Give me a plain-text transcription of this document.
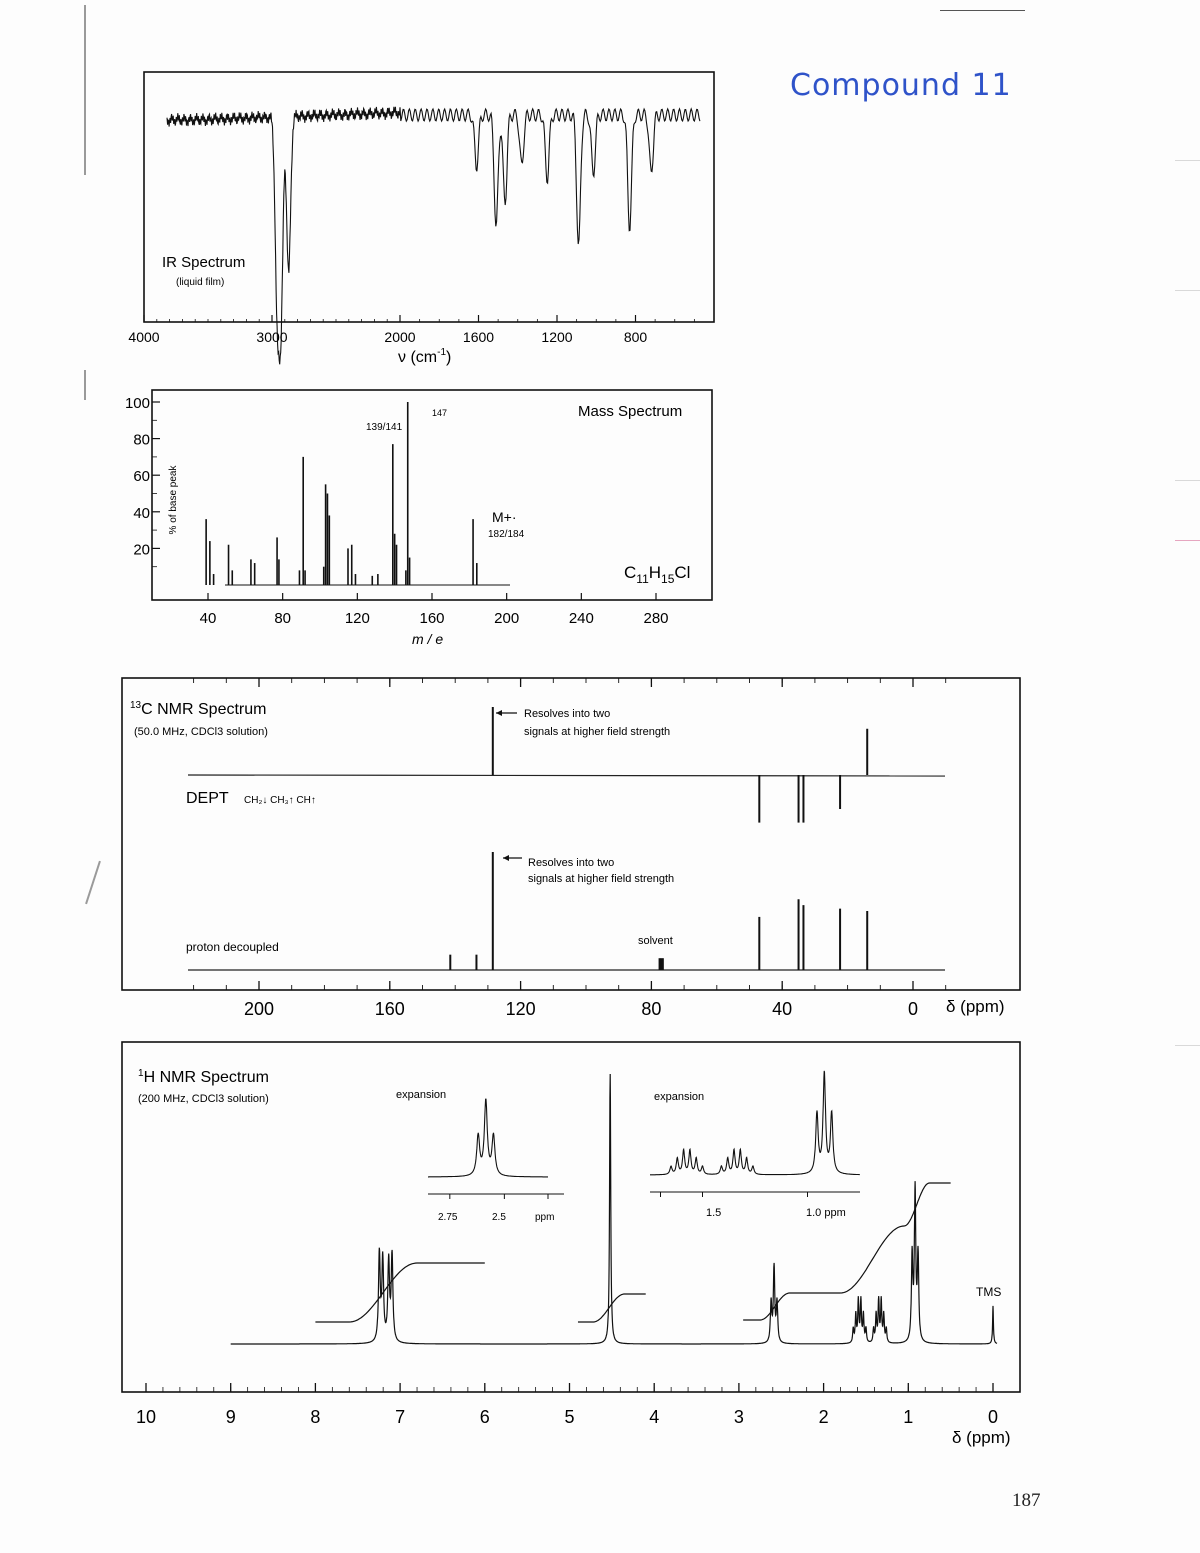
Compound 11
4000	3000	2000	1600	1200	800
IR Spectrum
(liquid film)
ν $(cm^{-1})$
40	80	120	160	200	240	280
100
80
60
40
20
Mass Spectrum
147
139/141
M+·
182/184
$C_{11}H_{15}Cl$
% of base peak
m / e
200	160	120	80	40	0
$^{13}$C NMR Spectrum
(50.0 MHz, CDCl3 solution)
DEPT CH₂↓ CH₃↑ CH↑
proton decoupled	solvent
Resolves into two
signals at higher field strength
Resolves into two
signals at higher field strength
δ (ppm)
10	9	8	7	6	5	4	3	2	1	0
$^1$H NMR Spectrum
(200 MHz, CDCl3 solution)	expansion	expansion
2.75	2.5	ppm	1.5	1.0 ppm
TMS
δ (ppm)
187
